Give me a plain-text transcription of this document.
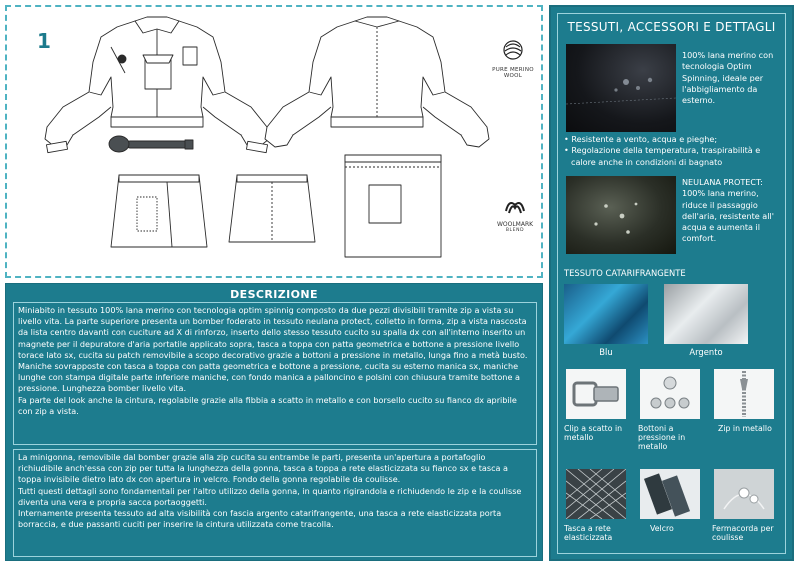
1
PURE MERINO WOOL
WOOLMARK
BLEND
DESCRIZIONE

Miniabito in tessuto 100% lana merino con tecnologia optim spinnig composto da due pezzi divisibili tramite zip a vista su livello vita. La parte superiore presenta un bomber foderato in tessuto neulana protect, colletto in forma, zip a vista nascosta da lista centro davanti con cuciture ad X di rinforzo, inserto dello stesso tessuto cucito su spalla dx con all'interno inserito un magnete per il depuratore d'aria portatile applicato sopra, tasca a toppa con patta geometrica e bottone a pressione livello torace lato sx, cucita su patch removibile a scopo decorativo grazie a bottoni a pressione in metallo, lunga fino a metà busto. Maniche sovrapposte con tasca a toppa con patta geometrica e bottone a pressione, cucita su esterno manica sx, maniche lunghe con stampa digitale parte inferiore maniche, con fondo manica a palloncino e polsini con chiusura tramite bottone a pressione. Lunghezza bomber livello vita.

Fa parte del look anche la cintura, regolabile grazie alla fibbia a scatto in metallo e con borsello cucito su fianco dx apribile con zip a vista.

La minigonna, removibile dal bomber grazie alla zip cucita su entrambe le parti, presenta un'apertura a portafoglio richiudibile anch'essa con zip per tutta la lunghezza della gonna, tasca a toppa a rete elasticizzata su fianco sx e tasca a toppa invisibile dietro lato dx con apertura in velcro. Fondo della gonna regolabile da coulisse.

Tutti questi dettagli sono fondamentali per l'altro utilizzo della gonna, in quanto rigirandola e richiudendo le zip e la coulisse diventa una vera e propria sacca portaoggetti.

Internamente presenta tessuto ad alta visibilità con fascia argento catarifrangente, una tasca a rete elasticizzata porta borraccia, e due passanti cuciti per inserire la cintura utilizzata come tracolla.

TESSUTI, ACCESSORI E DETTAGLI
100% lana merino con tecnologia Optim Spinning, ideale per l'abbigliamento da esterno.
• Resistente a vento, acqua e pieghe;
• Regolazione della temperatura, traspirabilità e calore anche in condizioni di bagnato
NEULANA PROTECT:
100% lana merino, riduce il passaggio dell'aria, resistente all' acqua e aumenta il comfort.
TESSUTO CATARIFRANGENTE
Blu	Argento
Clip a scatto in metallo
Bottoni a pressione in metallo
Zip in metallo
Tasca a rete elasticizzata
Velcro	Fermacorda per coulisse
